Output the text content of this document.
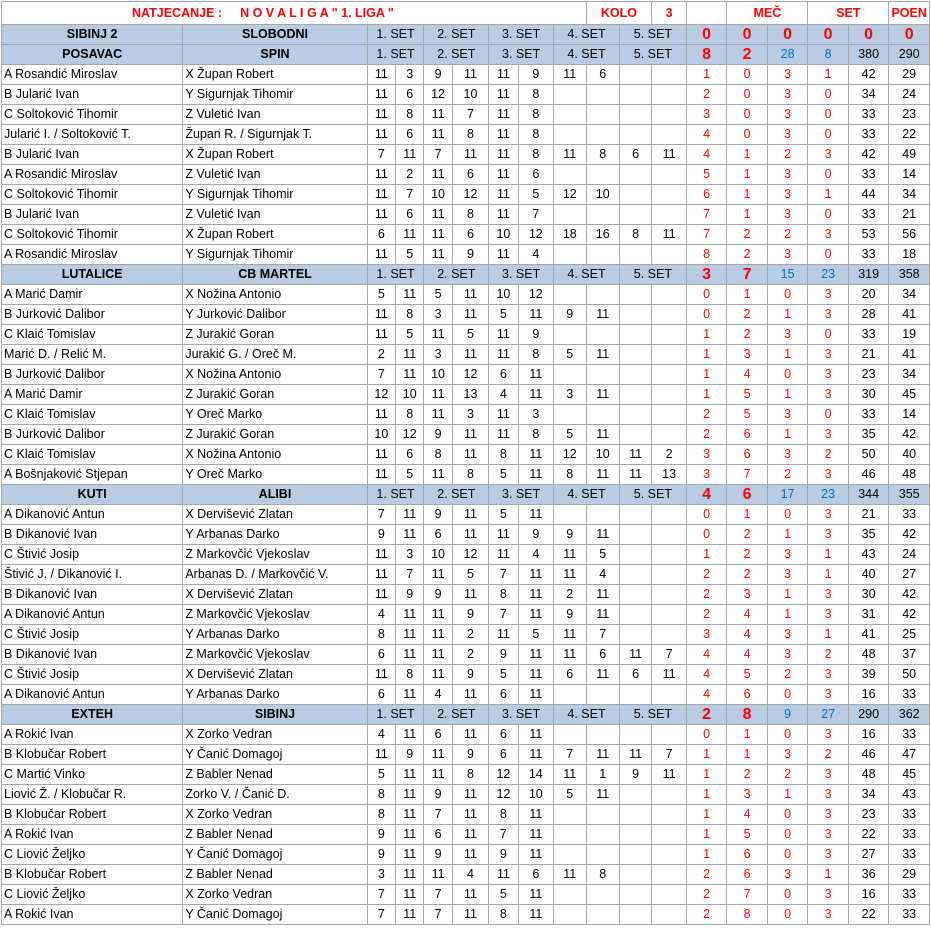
NATJECANJE : N O V A L I G A " 1. LIGA "									KOLO		3		MEČ		SET		POEN
SIBINJ 2	SLOBODNI	1. SET		2. SET		3. SET		4. SET		5. SET		0	0	0	0	0	0
POSAVAC	SPIN	1. SET		2. SET		3. SET		4. SET		5. SET		8	2	28	8	380	290
A Rosandić Miroslav	X Župan Robert	11	3	9	11	11	9	11	6			1	0	3	1	42	29
B Jularić Ivan	Y Sigurnjak Tihomir	11	6	12	10	11	8					2	0	3	0	34	24
C Soltoković Tihomir	Z Vuletić Ivan	11	8	11	7	11	8					3	0	3	0	33	23
Jularić I. / Soltoković T.	Župan R. / Sigurnjak T.	11	6	11	8	11	8					4	0	3	0	33	22
B Jularić Ivan	X Župan Robert	7	11	7	11	11	8	11	8	6	11	4	1	2	3	42	49
A Rosandić Miroslav	Z Vuletić Ivan	11	2	11	6	11	6					5	1	3	0	33	14
C Soltoković Tihomir	Y Sigurnjak Tihomir	11	7	10	12	11	5	12	10			6	1	3	1	44	34
B Jularić Ivan	Z Vuletić Ivan	11	6	11	8	11	7					7	1	3	0	33	21
C Soltoković Tihomir	X Župan Robert	6	11	11	6	10	12	18	16	8	11	7	2	2	3	53	56
A Rosandić Miroslav	Y Sigurnjak Tihomir	11	5	11	9	11	4					8	2	3	0	33	18
LUTALICE	CB MARTEL	1. SET		2. SET		3. SET		4. SET		5. SET		3	7	15	23	319	358
A Marić Damir	X Nožina Antonio	5	11	5	11	10	12					0	1	0	3	20	34
B Jurković Dalibor	Y Jurković Dalibor	11	8	3	11	5	11	9	11			0	2	1	3	28	41
C Klaić Tomislav	Z Jurakić Goran	11	5	11	5	11	9					1	2	3	0	33	19
Marić D. / Relić M.	Jurakić G. / Oreč M.	2	11	3	11	11	8	5	11			1	3	1	3	21	41
B Jurković Dalibor	X Nožina Antonio	7	11	10	12	6	11					1	4	0	3	23	34
A Marić Damir	Z Jurakić Goran	12	10	11	13	4	11	3	11			1	5	1	3	30	45
C Klaić Tomislav	Y Oreč Marko	11	8	11	3	11	3					2	5	3	0	33	14
B Jurković Dalibor	Z Jurakić Goran	10	12	9	11	11	8	5	11			2	6	1	3	35	42
C Klaić Tomislav	X Nožina Antonio	11	6	8	11	8	11	12	10	11	2	3	6	3	2	50	40
A Bošnjaković Stjepan	Y Oreč Marko	11	5	11	8	5	11	8	11	11	13	3	7	2	3	46	48
KUTI	ALIBI	1. SET		2. SET		3. SET		4. SET		5. SET		4	6	17	23	344	355
A Dikanović Antun	X Dervišević Zlatan	7	11	9	11	5	11					0	1	0	3	21	33
B Dikanović Ivan	Y Arbanas Darko	9	11	6	11	11	9	9	11			0	2	1	3	35	42
C Štivić Josip	Z Markovčić Vjekoslav	11	3	10	12	11	4	11	5			1	2	3	1	43	24
Štivić J. / Dikanović I.	Arbanas D. / Markovčić V.	11	7	11	5	7	11	11	4			2	2	3	1	40	27
B Dikanović Ivan	X Dervišević Zlatan	11	9	9	11	8	11	2	11			2	3	1	3	30	42
A Dikanović Antun	Z Markovčić Vjekoslav	4	11	11	9	7	11	9	11			2	4	1	3	31	42
C Štivić Josip	Y Arbanas Darko	8	11	11	2	11	5	11	7			3	4	3	1	41	25
B Dikanović Ivan	Z Markovčić Vjekoslav	6	11	11	2	9	11	11	6	11	7	4	4	3	2	48	37
C Štivić Josip	X Dervišević Zlatan	11	8	11	9	5	11	6	11	6	11	4	5	2	3	39	50
A Dikanović Antun	Y Arbanas Darko	6	11	4	11	6	11					4	6	0	3	16	33
EXTEH	SIBINJ	1. SET		2. SET		3. SET		4. SET		5. SET		2	8	9	27	290	362
A Rokić Ivan	X Zorko Vedran	4	11	6	11	6	11					0	1	0	3	16	33
B Klobučar Robert	Y Čanić Domagoj	11	9	11	9	6	11	7	11	11	7	1	1	3	2	46	47
C Martić Vinko	Z Babler Nenad	5	11	11	8	12	14	11	1	9	11	1	2	2	3	48	45
Liović Ž. / Klobučar R.	Zorko V. / Čanić D.	8	11	9	11	12	10	5	11			1	3	1	3	34	43
B Klobučar Robert	X Zorko Vedran	8	11	7	11	8	11					1	4	0	3	23	33
A Rokić Ivan	Z Babler Nenad	9	11	6	11	7	11					1	5	0	3	22	33
C Liović Željko	Y Čanić Domagoj	9	11	9	11	9	11					1	6	0	3	27	33
B Klobučar Robert	Z Babler Nenad	3	11	11	4	11	6	11	8			2	6	3	1	36	29
C Liović Željko	X Zorko Vedran	7	11	7	11	5	11					2	7	0	3	16	33
A Rokić Ivan	Y Čanić Domagoj	7	11	7	11	8	11					2	8	0	3	22	33
